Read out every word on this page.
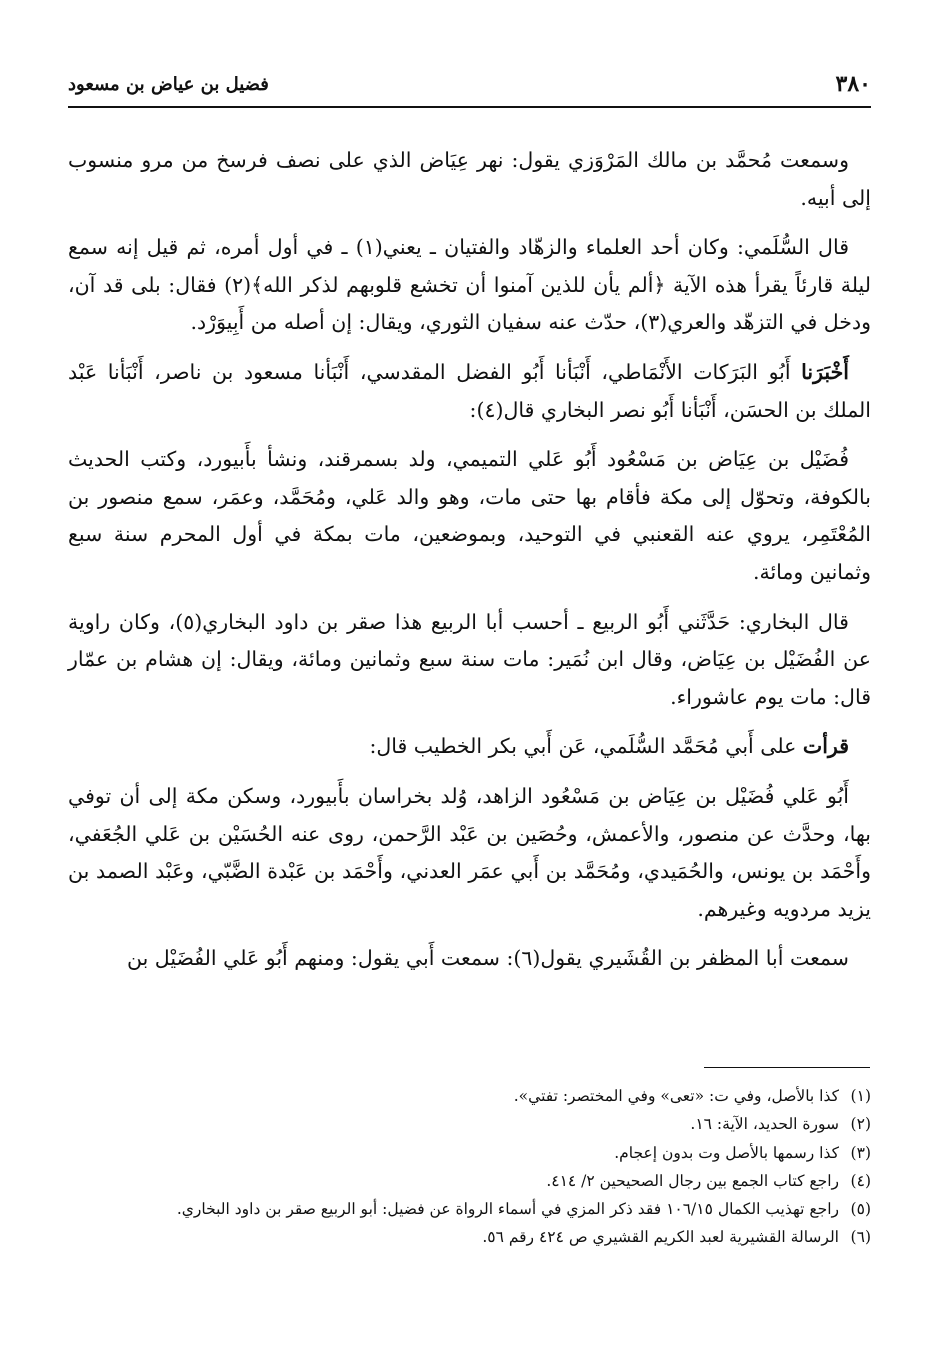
٣٨٠
فضيل بن عياض بن مسعود

وسمعت مُحمَّد بن مالك المَرْوَزي يقول: نهر عِيَاض الذي على نصف فرسخ من مرو منسوب إلى أبيه.

قال السُّلَمي: وكان أحد العلماء والزهّاد والفتيان ـ يعني(١) ـ في أول أمره، ثم قيل إنه سمع ليلة قارئاً يقرأ هذه الآية ﴿ألم يأن للذين آمنوا أن تخشع قلوبهم لذكر الله﴾(٢) فقال: بلى قد آن، ودخل في التزهّد والعري(٣)، حدّث عنه سفيان الثوري، ويقال: إن أصله من أَبِيوَرْد.

أَخْبَرَنا أَبُو البَرَكات الأَنْمَاطي، أَنْبَأنا أَبُو الفضل المقدسي، أَنْبَأنا مسعود بن ناصر، أَنْبَأنا عَبْد الملك بن الحسَن، أَنْبَأنا أَبُو نصر البخاري قال(٤):

فُضَيْل بن عِيَاض بن مَسْعُود أَبُو عَلي التميمي، ولد بسمرقند، ونشأ بأَبيورد، وكتب الحديث بالكوفة، وتحوّل إلى مكة فأقام بها حتى مات، وهو والد عَلي، ومُحَمَّد، وعمَر، سمع منصور بن المُعْتَمِر، يروي عنه القعنبي في التوحيد، وبموضعين، مات بمكة في أول المحرم سنة سبع وثمانين ومائة.

قال البخاري: حَدَّثَني أَبُو الربيع ـ أحسب أبا الربيع هذا صقر بن داود البخاري(٥)، وكان راوية عن الفُضَيْل بن عِيَاض، وقال ابن نُمَير: مات سنة سبع وثمانين ومائة، ويقال: إن هشام بن عمّار قال: مات يوم عاشوراء.

قرأت على أَبي مُحَمَّد السُّلَمي، عَن أَبي بكر الخطيب قال:

أَبُو عَلي فُضَيْل بن عِيَاض بن مَسْعُود الزاهد، وُلد بخراسان بأَبيورد، وسكن مكة إلى أن توفي بها، وحدَّث عن منصور، والأعمش، وحُصَين بن عَبْد الرَّحمن، روى عنه الحُسَيْن بن عَلي الجُعَفي، وأَحْمَد بن يونس، والحُمَيدي، ومُحَمَّد بن أَبي عمَر العدني، وأَحْمَد بن عَبْدة الضَّبّي، وعَبْد الصمد بن يزيد مردويه وغيرهم.

سمعت أبا المظفر بن القُشَيري يقول(٦): سمعت أَبي يقول: ومنهم أَبُو عَلي الفُضَيْل بن

(١)
كذا بالأصل، وفي ت: «تعى» وفي المختصر: تفتي».
(٢)
سورة الحديد، الآية: ١٦.
(٣)
كذا رسمها بالأصل وت بدون إعجام.
(٤)
راجع كتاب الجمع بين رجال الصحيحين ٢/ ٤١٤.
(٥)
راجع تهذيب الكمال ١٠٦/١٥ فقد ذكر المزي في أسماء الرواة عن فضيل: أبو الربيع صقر بن داود البخاري.
(٦)
الرسالة القشيرية لعبد الكريم القشيري ص ٤٢٤ رقم ٥٦.
